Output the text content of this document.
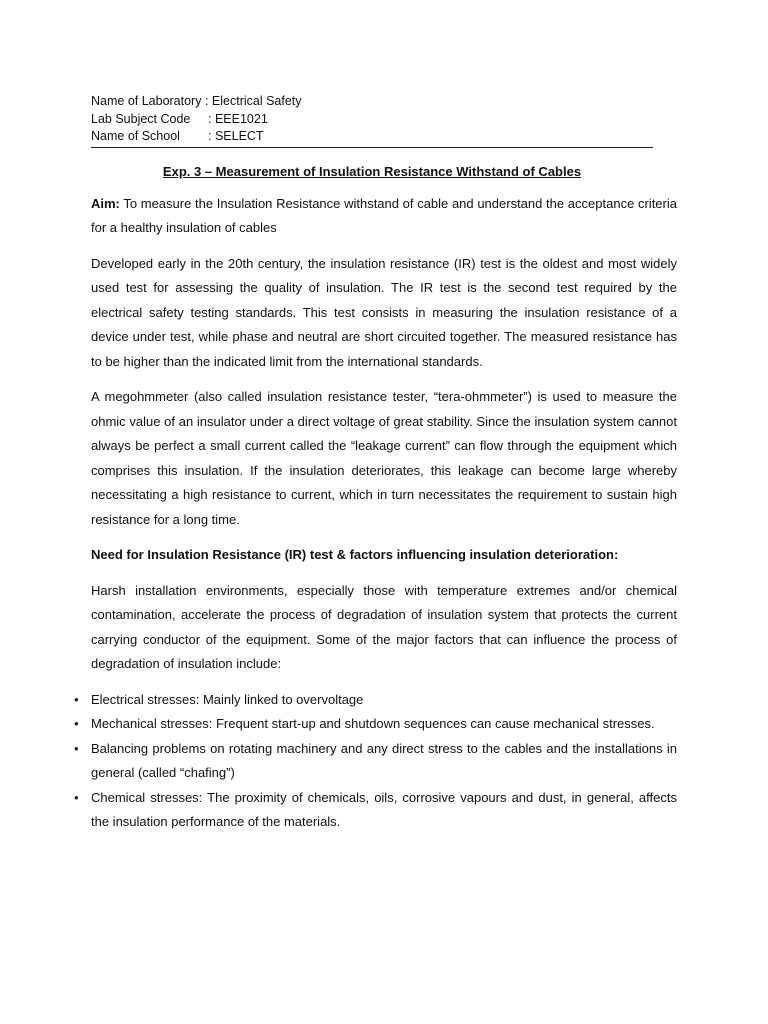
Name of Laboratory : Electrical Safety
Lab Subject Code	: EEE1021
Name of School	: SELECT
Exp. 3 – Measurement of Insulation Resistance Withstand of Cables

Aim: To measure the Insulation Resistance withstand of cable and understand the acceptance criteria for a healthy insulation of cables

Developed early in the 20th century, the insulation resistance (IR) test is the oldest and most widely used test for assessing the quality of insulation. The IR test is the second test required by the electrical safety testing standards. This test consists in measuring the insulation resistance of a device under test, while phase and neutral are short circuited together. The measured resistance has to be higher than the indicated limit from the international standards.

A megohmmeter (also called insulation resistance tester, “tera-ohmmeter”) is used to measure the ohmic value of an insulator under a direct voltage of great stability. Since the insulation system cannot always be perfect a small current called the “leakage current” can flow through the equipment which comprises this insulation. If the insulation deteriorates, this leakage can become large whereby necessitating a high resistance to current, which in turn necessitates the requirement to sustain high resistance for a long time.

Need for Insulation Resistance (IR) test & factors influencing insulation deterioration:

Harsh installation environments, especially those with temperature extremes and/or chemical contamination, accelerate the process of degradation of insulation system that protects the current carrying conductor of the equipment. Some of the major factors that can influence the process of degradation of insulation include:

• Electrical stresses: Mainly linked to overvoltage
• Mechanical stresses: Frequent start-up and shutdown sequences can cause mechanical stresses.
• Balancing problems on rotating machinery and any direct stress to the cables and the installations in general (called “chafing”)
• Chemical stresses: The proximity of chemicals, oils, corrosive vapours and dust, in general, affects the insulation performance of the materials.
